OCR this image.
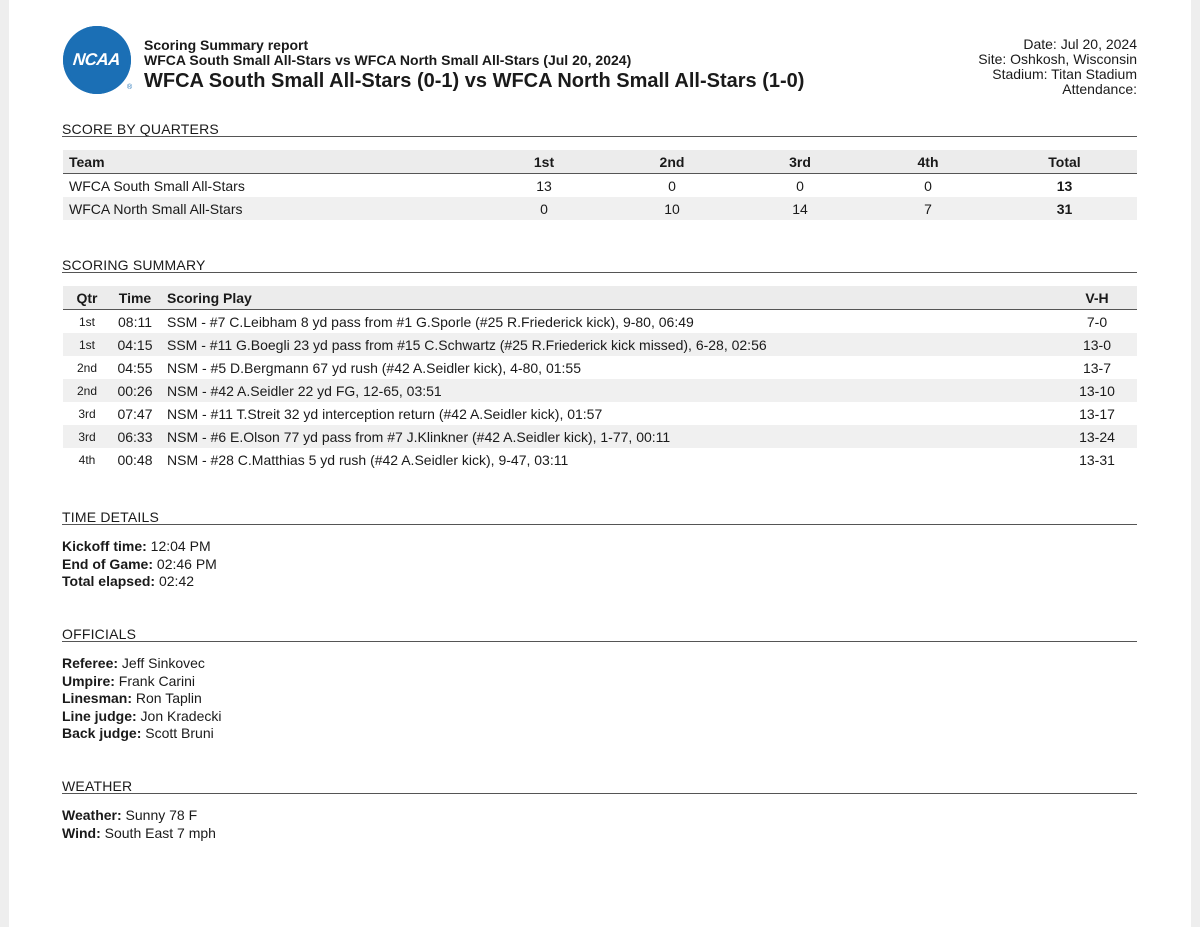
NCAA
®
Scoring Summary report
WFCA South Small All-Stars vs WFCA North Small All-Stars (Jul 20, 2024)
WFCA South Small All-Stars (0-1) vs WFCA North Small All-Stars (1-0)
Date: Jul 20, 2024
Site: Oshkosh, Wisconsin
Stadium: Titan Stadium
Attendance:
SCORE BY QUARTERS
Team	1st	2nd	3rd	4th	Total
WFCA South Small All-Stars	13	0	0	0	13
WFCA North Small All-Stars	0	10	14	7	31
SCORING SUMMARY
Qtr	Time	Scoring Play	V-H
1st	08:11	SSM - #7 C.Leibham 8 yd pass from #1 G.Sporle (#25 R.Friederick kick), 9-80, 06:49	7-0
1st	04:15	SSM - #11 G.Boegli 23 yd pass from #15 C.Schwartz (#25 R.Friederick kick missed), 6-28, 02:56	13-0
2nd	04:55	NSM - #5 D.Bergmann 67 yd rush (#42 A.Seidler kick), 4-80, 01:55	13-7
2nd	00:26	NSM - #42 A.Seidler 22 yd FG, 12-65, 03:51	13-10
3rd	07:47	NSM - #11 T.Streit 32 yd interception return (#42 A.Seidler kick), 01:57	13-17
3rd	06:33	NSM - #6 E.Olson 77 yd pass from #7 J.Klinkner (#42 A.Seidler kick), 1-77, 00:11	13-24
4th	00:48	NSM - #28 C.Matthias 5 yd rush (#42 A.Seidler kick), 9-47, 03:11	13-31
TIME DETAILS
Kickoff time: 12:04 PM
End of Game: 02:46 PM
Total elapsed: 02:42
OFFICIALS
Referee: Jeff Sinkovec
Umpire: Frank Carini
Linesman: Ron Taplin
Line judge: Jon Kradecki
Back judge: Scott Bruni
WEATHER
Weather: Sunny 78 F
Wind: South East 7 mph
